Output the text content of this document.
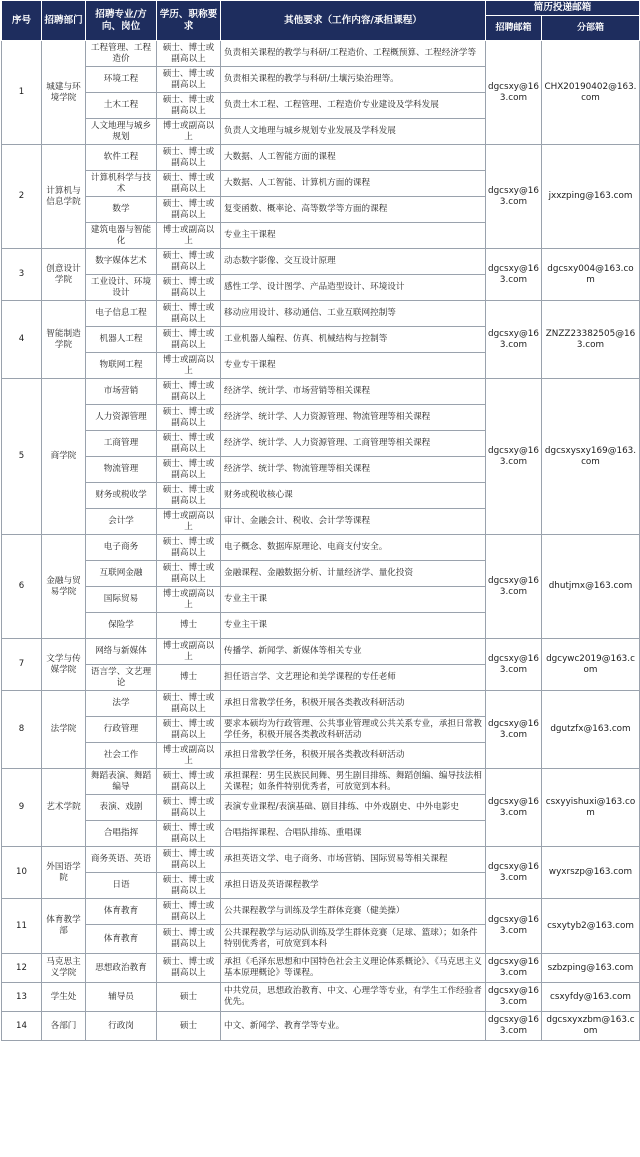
序号	招聘部门	招聘专业/方向、岗位	学历、职称要求	其他要求（工作内容/承担课程）	简历投递邮箱	
					招聘邮箱	分部箱
1	城建与环境学院	工程管理、工程造价	硕士、博士或副高以上	负责相关课程的教学与科研/工程造价、工程概预算、工程经济学等	dgcsxy@163.com	CHX20190402@163.com
		环境工程	硕士、博士或副高以上	负责相关课程的教学与科研/土壤污染治理等。		
		土木工程	硕士、博士或副高以上	负责土木工程、工程管理、工程造价专业建设及学科发展		
		人文地理与城乡规划	博士或副高以上	负责人文地理与城乡规划专业发展及学科发展		
2	计算机与信息学院	软件工程	硕士、博士或副高以上	大数据、人工智能方面的课程	dgcsxy@163.com	jxxzping@163.com
		计算机科学与技术	硕士、博士或副高以上	大数据、人工智能、计算机方面的课程		
		数学	硕士、博士或副高以上	复变函数、概率论、高等数学等方面的课程		
		建筑电器与智能化	博士或副高以上	专业主干课程		
3	创意设计学院	数字媒体艺术	硕士、博士或副高以上	动态数字影像、交互设计原理	dgcsxy@163.com	dgcsxy004@163.com
		工业设计、环境设计	硕士、博士或副高以上	感性工学、设计图学、产品造型设计、环境设计		
4	智能制造学院	电子信息工程	硕士、博士或副高以上	移动应用设计、移动通信、工业互联网控制等	dgcsxy@163.com	ZNZZ23382505@163.com
		机器人工程	硕士、博士或副高以上	工业机器人编程、仿真、机械结构与控制等		
		物联网工程	博士或副高以上	专业专干课程		
5	商学院	市场营销	硕士、博士或副高以上	经济学、统计学、市场营销等相关课程	dgcsxy@163.com	dgcsxysxy169@163.com
		人力资源管理	硕士、博士或副高以上	经济学、统计学、人力资源管理、物流管理等相关课程		
		工商管理	硕士、博士或副高以上	经济学、统计学、人力资源管理、工商管理等相关课程		
		物流管理	硕士、博士或副高以上	经济学、统计学、物流管理等相关课程		
		财务或税收学	硕士、博士或副高以上	财务或税收核心课		
		会计学	博士或副高以上	审计、金融会计、税收、会计学等课程		
6	金融与贸易学院	电子商务	硕士、博士或副高以上	电子概念、数据库原理论、电商支付安全。	dgcsxy@163.com	dhutjmx@163.com
		互联网金融	硕士、博士或副高以上	金融课程、金融数据分析、计量经济学、量化投资		
		国际贸易	博士或副高以上	专业主干课		
		保险学	博士	专业主干课		
7	文学与传媒学院	网络与新媒体	博士或副高以上	传播学、新闻学、新媒体等相关专业	dgcsxy@163.com	dgcywc2019@163.com
		语言学、文艺理论	博士	担任语言学、文艺理论和美学课程的专任老师		
8	法学院	法学	硕士、博士或副高以上	承担日常教学任务，积极开展各类教改科研活动	dgcsxy@163.com	dgutzfx@163.com
		行政管理	硕士、博士或副高以上	要求本硕均为行政管理、公共事业管理或公共关系专业，承担日常教学任务，积极开展各类教改科研活动		
		社会工作	博士或副高以上	承担日常教学任务，积极开展各类教改科研活动		
9	艺术学院	舞蹈表演、舞蹈编导	硕士、博士或副高以上	承担课程：男生民族民间舞、男生剧目排练、舞蹈创编、编导技法相关课程；如条件特别优秀者，可放宽到本科。	dgcsxy@163.com	csxyyishuxi@163.com
		表演、戏剧	硕士、博士或副高以上	表演专业课程/表演基础、剧目排练、中外戏剧史、中外电影史		
		合唱指挥	硕士、博士或副高以上	合唱指挥课程、合唱队排练、重唱课		
10	外国语学院	商务英语、英语	硕士、博士或副高以上	承担英语文学、电子商务、市场营销、国际贸易等相关课程	dgcsxy@163.com	wyxrszp@163.com
		日语	硕士、博士或副高以上	承担日语及英语课程教学		
11	体育教学部	体育教育	硕士、博士或副高以上	公共课程教学与训练及学生群体竞赛（健美操）	dgcsxy@163.com	csxytyb2@163.com
		体育教育	硕士、博士或副高以上	公共课程教学与运动队训练及学生群体竞赛（足球、篮球）；如条件特别优秀者，可放宽到本科		
12	马克思主义学院	思想政治教育	硕士、博士或副高以上	承担《毛泽东思想和中国特色社会主义理论体系概论》、《马克思主义基本原理概论》等课程。	dgcsxy@163.com	szbzping@163.com
13	学生处	辅导员	硕士	中共党员，思想政治教育、中文、心理学等专业，有学生工作经验者优先。	dgcsxy@163.com	csxyfdy@163.com
14	各部门	行政岗	硕士	中文、新闻学、教育学等专业。	dgcsxy@163.com	dgcsxyxzbm@163.com
